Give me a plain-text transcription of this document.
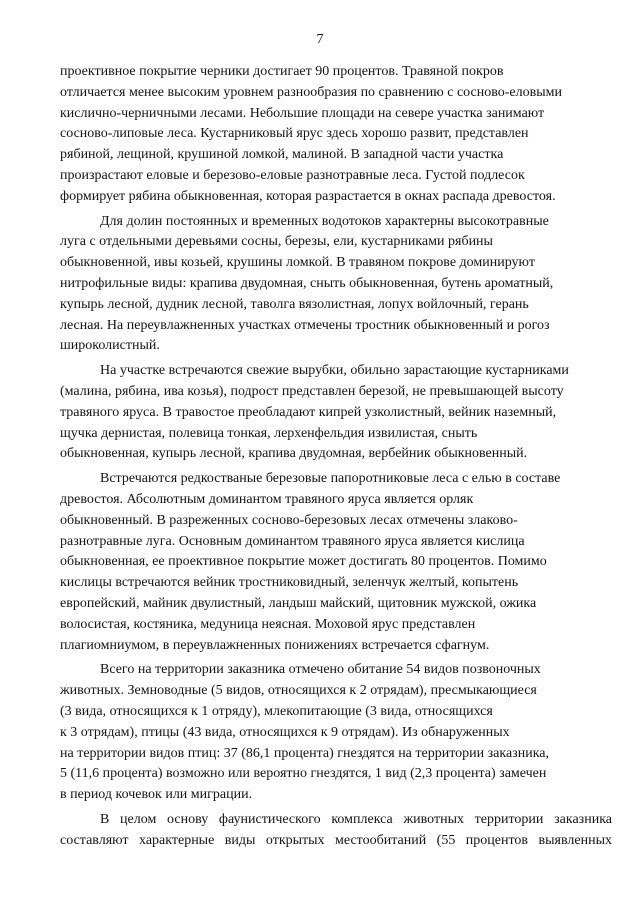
7

проективное покрытие черники достигает 90 процентов. Травяной покров
отличается менее высоким уровнем разнообразия по сравнению с сосново-еловыми
кислично-черничными лесами. Небольшие площади на севере участка занимают
сосново-липовые леса. Кустарниковый ярус здесь хорошо развит, представлен
рябиной, лещиной, крушиной ломкой, малиной. В западной части участка
произрастают еловые и березово-еловые разнотравные леса. Густой подлесок
формирует рябина обыкновенная, которая разрастается в окнах распада древостоя.

Для долин постоянных и временных водотоков характерны высокотравные
луга с отдельными деревьями сосны, березы, ели, кустарниками рябины
обыкновенной, ивы козьей, крушины ломкой. В травяном покрове доминируют
нитрофильные виды: крапива двудомная, сныть обыкновенная, бутень ароматный,
купырь лесной, дудник лесной, таволга вязолистная, лопух войлочный, герань
лесная. На переувлажненных участках отмечены тростник обыкновенный и рогоз
широколистный.

На участке встречаются свежие вырубки, обильно зарастающие кустарниками
(малина, рябина, ива козья), подрост представлен березой, не превышающей высоту
травяного яруса. В травостое преобладают кипрей узколистный, вейник наземный,
щучка дернистая, полевица тонкая, лерхенфельдия извилистая, сныть
обыкновенная, купырь лесной, крапива двудомная, вербейник обыкновенный.

Встречаются редкостваные березовые папоротниковые леса с елью в составе
древостоя. Абсолютным доминантом травяного яруса является орляк
обыкновенный. В разреженных сосново-березовых лесах отмечены злаково-
разнотравные луга. Основным доминантом травяного яруса является кислица
обыкновенная, ее проективное покрытие может достигать 80 процентов. Помимо
кислицы встречаются вейник тростниковидный, зеленчук желтый, копытень
европейский, майник двулистный, ландыш майский, щитовник мужской, ожика
волосистая, костяника, медуница неясная. Моховой ярус представлен
плагиомниумом, в переувлажненных понижениях встречается сфагнум.

Всего на территории заказника отмечено обитание 54 видов позвоночных
животных. Земноводные (5 видов, относящихся к 2 отрядам), пресмыкающиеся
(3 вида, относящихся к 1 отряду), млекопитающие (3 вида, относящихся
к 3 отрядам), птицы (43 вида, относящихся к 9 отрядам). Из обнаруженных
на территории видов птиц: 37 (86,1 процента) гнездятся на территории заказника,
5 (11,6 процента) возможно или вероятно гнездятся, 1 вид (2,3 процента) замечен
в период кочевок или миграции.

В целом основу фаунистического комплекса животных территории заказника
составляют характерные виды открытых местообитаний (55 процентов выявленных
